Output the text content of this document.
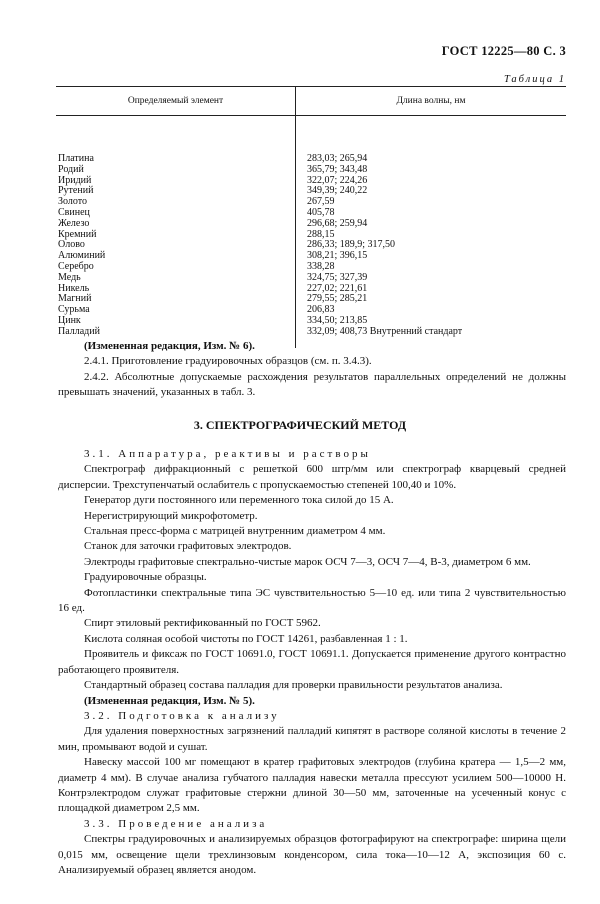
ГОСТ 12225—80 С. 3
Таблица 1
Определяемый элемент	Длина волны, нм
Платина
Родий
Иридий
Рутений
Золото
Свинец
Железо
Кремний
Олово
Алюминий
Серебро
Медь
Никель
Магний
Сурьма
Цинк
Палладий
283,03; 265,94
365,79; 343,48
322,07; 224,26
349,39; 240,22
267,59
405,78
296,68; 259,94
288,15
286,33; 189,9; 317,50
308,21; 396,15
338,28
324,75; 327,39
227,02; 221,61
279,55; 285,21
206,83
334,50; 213,85
332,09; 408,73 Внутренний стандарт

(Измененная редакция, Изм. № 6).

2.4.1. Приготовление градуировочных образцов (см. п. 3.4.3).

2.4.2. Абсолютные допускаемые расхождения результатов параллельных определений не должны превышать значений, указанных в табл. 3.

3. СПЕКТРОГРАФИЧЕСКИЙ МЕТОД

3.1. Аппаратура, реактивы и растворы

Спектрограф дифракционный с решеткой 600 штр/мм или спектрограф кварцевый средней дисперсии. Трехступенчатый ослабитель с пропускаемостью степеней 100,40 и 10%.

Генератор дуги постоянного или переменного тока силой до 15 А.

Нерегистрирующий микрофотометр.

Стальная пресс-форма с матрицей внутренним диаметром 4 мм.

Станок для заточки графитовых электродов.

Электроды графитовые спектрально-чистые марок ОСЧ 7—3, ОСЧ 7—4, В-3, диаметром 6 мм.

Градуировочные образцы.

Фотопластинки спектральные типа ЭС чувствительностью 5—10 ед. или типа 2 чувствительностью 16 ед.

Спирт этиловый ректификованный по ГОСТ 5962.

Кислота соляная особой чистоты по ГОСТ 14261, разбавленная 1 : 1.

Проявитель и фиксаж по ГОСТ 10691.0, ГОСТ 10691.1. Допускается применение другого контрастно работающего проявителя.

Стандартный образец состава палладия для проверки правильности результатов анализа.

(Измененная редакция, Изм. № 5).

3.2. Подготовка к анализу

Для удаления поверхностных загрязнений палладий кипятят в растворе соляной кислоты в течение 2 мин, промывают водой и сушат.

Навеску массой 100 мг помещают в кратер графитовых электродов (глубина кратера — 1,5—2 мм, диаметр 4 мм). В случае анализа губчатого палладия навески металла прессуют усилием 500—10000 Н. Контрэлектродом служат графитовые стержни длиной 30—50 мм, заточенные на усеченный конус с площадкой диаметром 2,5 мм.

3.3. Проведение анализа

Спектры градуировочных и анализируемых образцов фотографируют на спектрографе: ширина щели 0,015 мм, освещение щели трехлинзовым конденсором, сила тока—10—12 А, экспозиция 60 с. Анализируемый образец является анодом.
